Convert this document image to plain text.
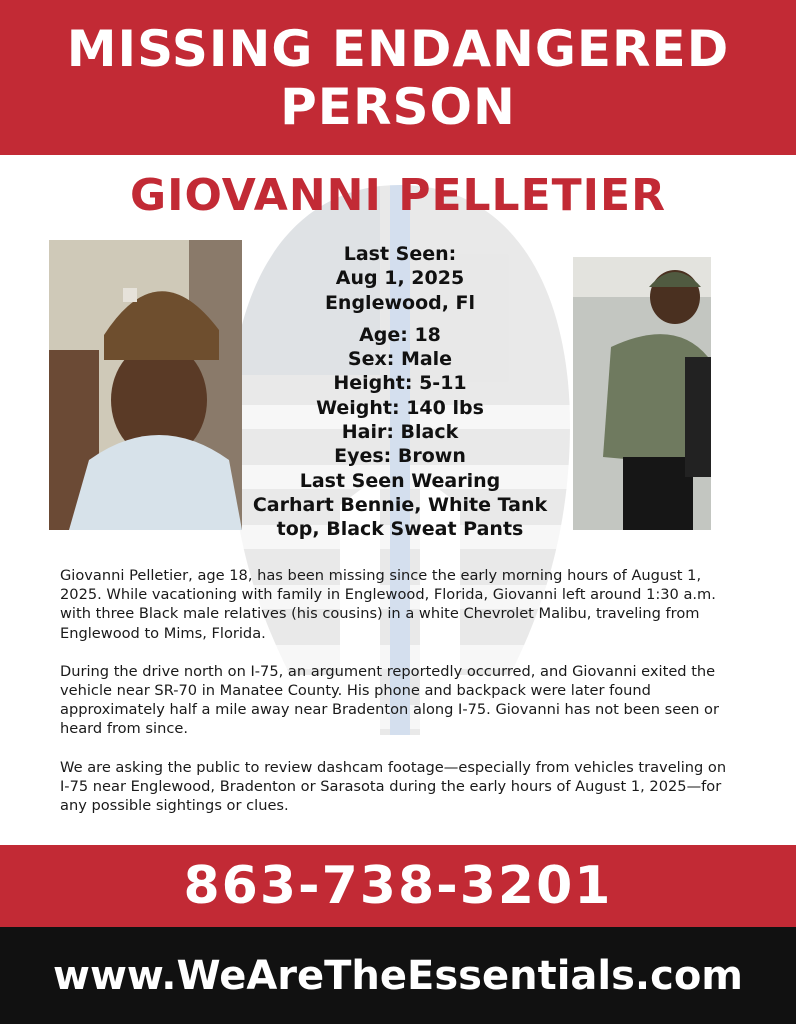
MISSING ENDANGERED
PERSON
GIOVANNI PELLETIER
Last Seen:
Aug 1, 2025
Englewood, Fl
Age: 18
Sex: Male
Height: 5-11
Weight: 140 lbs
Hair: Black
Eyes: Brown
Last Seen Wearing
Carhart Bennie, White Tank
top, Black Sweat Pants

Giovanni Pelletier, age 18, has been missing since the early morning hours of August 1, 2025. While vacationing with family in Englewood, Florida, Giovanni left around 1:30 a.m. with three Black male relatives (his cousins) in a white Chevrolet Malibu, traveling from Englewood to Mims, Florida.

During the drive north on I-75, an argument reportedly occurred, and Giovanni exited the vehicle near SR-70 in Manatee County. His phone and backpack were later found approximately half a mile away near Bradenton along I-75. Giovanni has not been seen or heard from since.

We are asking the public to review dashcam footage—especially from vehicles traveling on I-75 near Englewood, Bradenton or Sarasota during the early hours of August 1, 2025—for any possible sightings or clues.

863-738-3201
www.WeAreTheEssentials.com
